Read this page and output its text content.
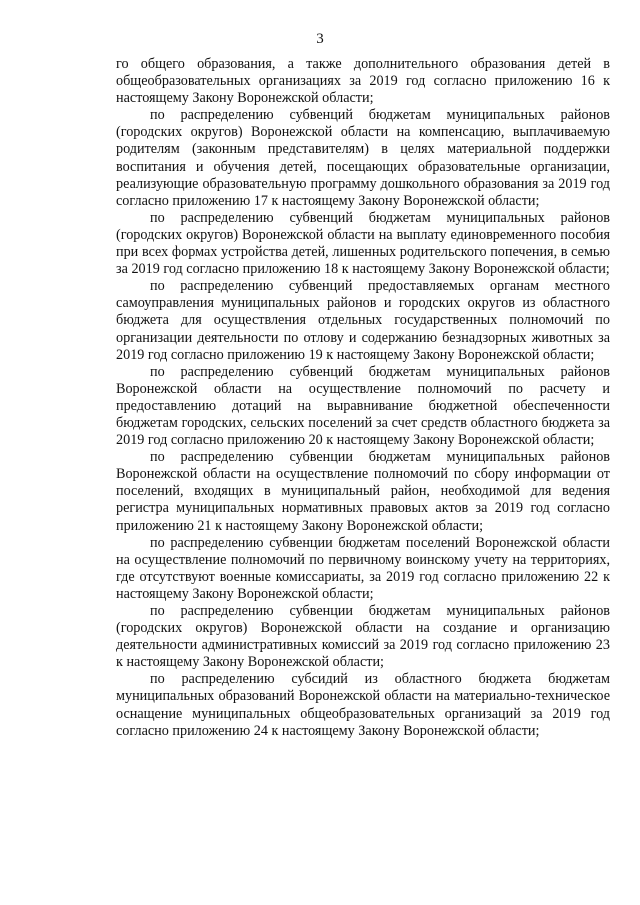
3

го общего образования, а также дополнительного образования детей в общеобразовательных организациях за 2019 год согласно приложению 16 к настоящему Закону Воронежской области;

по распределению субвенций бюджетам муниципальных районов (городских округов) Воронежской области на компенсацию, выплачиваемую родителям (законным представителям) в целях материальной поддержки воспитания и обучения детей, посещающих образовательные организации, реализующие образовательную программу дошкольного образования за 2019 год согласно приложению 17 к настоящему Закону Воронежской области;

по распределению субвенций бюджетам муниципальных районов (городских округов) Воронежской области на выплату единовременного пособия при всех формах устройства детей, лишенных родительского попечения, в семью за 2019 год согласно приложению 18 к настоящему Закону Воронежской области;

по распределению субвенций предоставляемых органам местного самоуправления муниципальных районов и городских округов из областного бюджета для осуществления отдельных государственных полномочий по организации деятельности по отлову и содержанию безнадзорных животных за 2019 год согласно приложению 19 к настоящему Закону Воронежской области;

по распределению субвенций бюджетам муниципальных районов Воронежской области на осуществление полномочий по расчету и предоставлению дотаций на выравнивание бюджетной обеспеченности бюджетам городских, сельских поселений за счет средств областного бюджета за 2019 год согласно приложению 20 к настоящему Закону Воронежской области;

по распределению субвенции бюджетам муниципальных районов Воронежской области на осуществление полномочий по сбору информации от поселений, входящих в муниципальный район, необходимой для ведения регистра муниципальных нормативных правовых актов за 2019 год согласно приложению 21 к настоящему Закону Воронежской области;

по распределению субвенции бюджетам поселений Воронежской области на осуществление полномочий по первичному воинскому учету на территориях, где отсутствуют военные комиссариаты, за 2019 год согласно приложению 22 к настоящему Закону Воронежской области;

по распределению субвенции бюджетам муниципальных районов (городских округов) Воронежской области на создание и организацию деятельности административных комиссий за 2019 год согласно приложению 23 к настоящему Закону Воронежской области;

по распределению субсидий из областного бюджета бюджетам муниципальных образований Воронежской области на материально-техническое оснащение муниципальных общеобразовательных организаций за 2019 год согласно приложению 24 к настоящему Закону Воронежской области;
